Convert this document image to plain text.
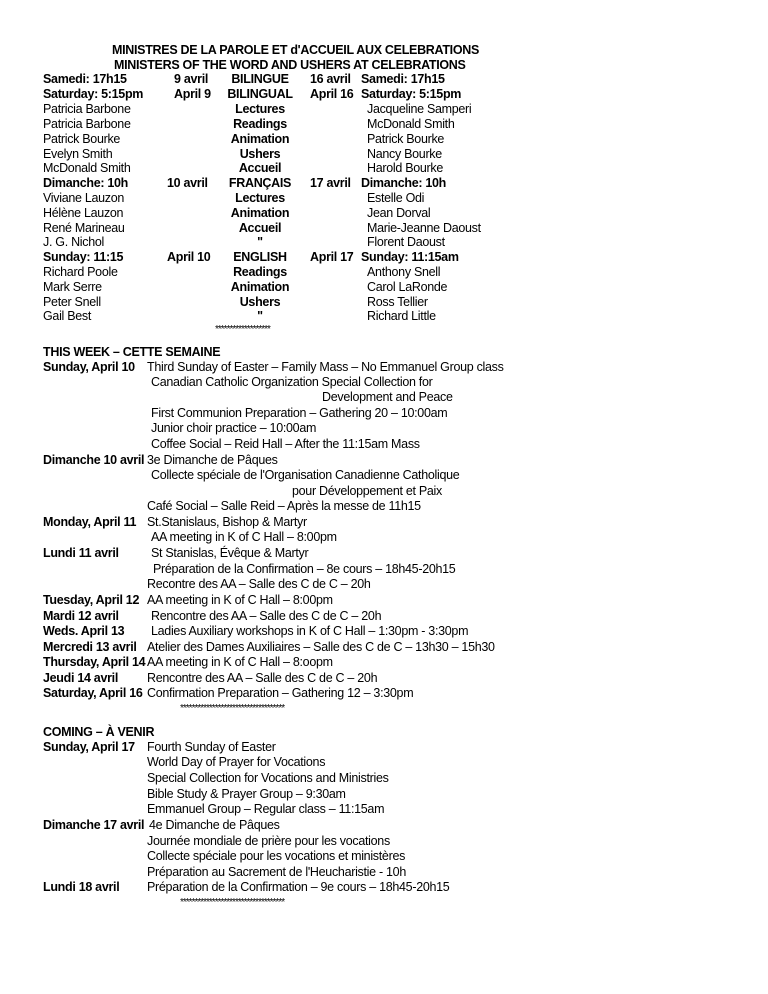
MINISTRES DE LA PAROLE ET d'ACCUEIL AUX CELEBRATIONS
MINISTERS OF THE WORD AND USHERS AT CELEBRATIONS
Samedi: 17h15
Saturday: 5:15pm
Patricia Barbone
Patricia Barbone
Patrick Bourke
Evelyn Smith
McDonald Smith
Dimanche: 10h
Viviane Lauzon
Hélène Lauzon
René Marineau
J. G. Nichol
Sunday: 11:15
Richard Poole
Mark Serre
Peter Snell
Gail Best
9 avril
April 9
10 avril
April 10
BILINGUE
BILINGUAL
Lectures
Readings
Animation
Ushers
Accueil
FRANÇAIS
Lectures
Animation
Accueil
"
ENGLISH
Readings
Animation
Ushers
"
16 avril
April 16
17 avril
April 17
Samedi: 17h15
Saturday: 5:15pm
Jacqueline Samperi
McDonald Smith
Patrick Bourke
Nancy Bourke
Harold Bourke
Dimanche: 10h
Estelle Odi
Jean Dorval
Marie-Jeanne Daoust
Florent Daoust
Sunday: 11:15am
Anthony Snell
Carol LaRonde
Ross Tellier
Richard Little
*******************
THIS WEEK – CETTE SEMAINE
Sunday, April 10 Third Sunday of Easter – Family Mass – No Emmanuel Group class
Canadian Catholic Organization Special Collection for
Development and Peace
First Communion Preparation – Gathering 20 – 10:00am
Junior choir practice – 10:00am
Coffee Social – Reid Hall – After the 11:15am Mass
Dimanche 10 avril 3e Dimanche de Pâques
Collecte spéciale de l'Organisation Canadienne Catholique
pour Développement et Paix
Café Social – Salle Reid – Après la messe de 11h15
Monday, April 11 St.Stanislaus, Bishop & Martyr
AA meeting in K of C Hall – 8:00pm
Lundi 11 avril	St Stanislas, Évêque & Martyr
Préparation de la Confirmation – 8e cours – 18h45-20h15
Recontre des AA – Salle des C de C – 20h
Tuesday, April 12 AA meeting in K of C Hall – 8:00pm
Mardi 12 avril	Rencontre des AA – Salle des C de C – 20h
Weds. April 13 Ladies Auxiliary workshops in K of C Hall – 1:30pm - 3:30pm
Mercredi 13 avril Atelier des Dames Auxiliaires – Salle des C de C – 13h30 – 15h30
Thursday, April 14 AA meeting in K of C Hall – 8:oopm
Jeudi 14 avril Rencontre des AA – Salle des C de C – 20h
Saturday, April 16 Confirmation Preparation – Gathering 12 – 3:30pm
************************************
COMING – À VENIR
Sunday, April 17 Fourth Sunday of Easter
World Day of Prayer for Vocations
Special Collection for Vocations and Ministries
Bible Study & Prayer Group – 9:30am
Emmanuel Group – Regular class – 11:15am
Dimanche 17 avril 4e Dimanche de Pâques
Journée mondiale de prière pour les vocations
Collecte spéciale pour les vocations et ministères
Préparation au Sacrement de l'Heucharistie - 10h
Lundi 18 avril Préparation de la Confirmation – 9e cours – 18h45-20h15
************************************
